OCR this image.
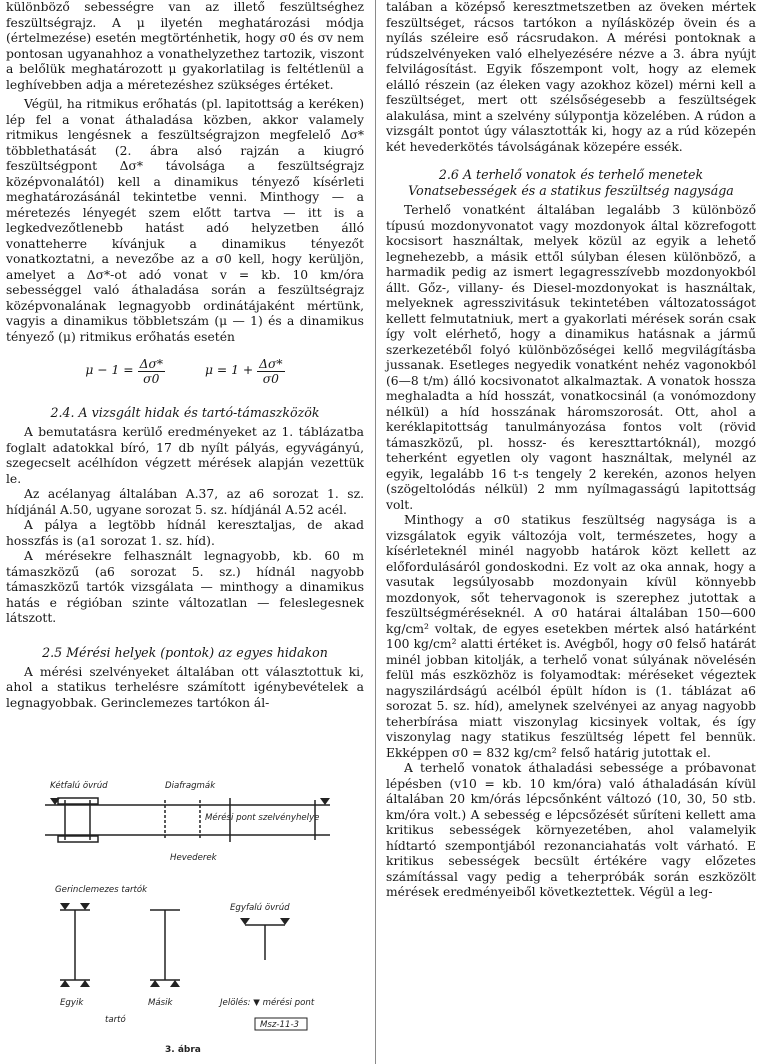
különböző sebességre van az illető feszültséghez feszültségrajz. A μ ilyetén meghatározási módja (értelmezése) esetén megtörténhetik, hogy σ0 és σv nem pontosan ugyanahhoz a vonathelyzethez tartozik, viszont a belőlük meghatározott μ gyakorlatilag is feltétlenül a leghívebben adja a méretezéshez szükséges értéket.

Végül, ha ritmikus erőhatás (pl. lapitottság a keréken) lép fel a vonat áthaladása közben, akkor valamely ritmikus lengésnek a feszültségrajzon megfelelő Δσ* többlethatását (2. ábra alsó rajzán a kiugró feszültségpont Δσ* távolsága a feszültségrajz középvonalától) kell a dinamikus tényező kísérleti meghatározásánál tekintetbe venni. Minthogy — a méretezés lényegét szem előtt tartva — itt is a legkedvezőtlenebb hatást adó helyzetben álló vonatteherre kívánjuk a dinamikus tényezőt vonatkoztatni, a nevezőbe az a σ0 kell, hogy kerüljön, amelyet a Δσ*-ot adó vonat v = kb. 10 km/óra sebességgel való áthaladása során a feszültségrajz középvonalának legnagyobb ordinátájaként mértünk, vagyis a dinamikus többletszám (μ — 1) és a dinamikus tényező (μ) ritmikus erőhatás esetén

$\mu - 1 = \frac{\Delta\sigma*}{\sigma 0}$	$\mu = 1 + \frac{\Delta\sigma*}{\sigma 0}$
2.4. A vizsgált hidak és tartó-támaszközök

A bemutatásra kerülő eredményeket az 1. táblázatba foglalt adatokkal bíró, 17 db nyílt pályás, egyvágányú, szegecselt acélhídon végzett mérések alapján vezettük le.

Az acélanyag általában A.37, az a6 sorozat 1. sz. hídjánál A.50, ugyane sorozat 5. sz. hídjánál A.52 acél.

A pálya a legtöbb hídnál keresztaljas, de akad hosszfás is (a1 sorozat 1. sz. híd).

A mérésekre felhasznált legnagyobb, kb. 60 m támaszközű (a6 sorozat 5. sz.) hídnál nagyobb támaszközű tartók vizsgálata — minthogy a dinamikus hatás e régióban szinte változatlan — feleslegesnek látszott.

2.5 Mérési helyek (pontok) az egyes hidakon

A mérési szelvényeket általában ott választottuk ki, ahol a statikus terhelésre számított igénybevételek a legnagyobbak. Gerinclemezes tartókon ál-

Kétfalú övrúd	Diafragmák
Mérési pont szelvényhelye
Hevederek
Gerinclemezes tartók
Egyfalú övrúd
Egyik	Másik
tartó
Jelölés: ▼ mérési pont
Msz-11-3
3. ábra

talában a középső keresztmetszetben az öveken mértek feszültséget, rácsos tartókon a nyílásközép övein és a nyílás széleire eső rácsrudakon. A mérési pontoknak a rúdszelvényeken való elhelyezésére nézve a 3. ábra nyújt felvilágosítást. Egyik főszempont volt, hogy az elemek elálló részein (az éleken vagy azokhoz közel) mérni kell a feszültséget, mert ott szélsőségesebb a feszültségek alakulása, mint a szelvény súlypontja közelében. A rúdon a vizsgált pontot úgy választották ki, hogy az a rúd közepén két hevederkötés távolságának közepére essék.

2.6 A terhelő vonatok és terhelő menetek
Vonatsebességek és a statikus feszültség nagysága

Terhelő vonatként általában legalább 3 különböző típusú mozdonyvonatot vagy mozdonyok által közrefogott kocsisort használtak, melyek közül az egyik a lehető legnehezebb, a másik ettől súlyban élesen különböző, a harmadik pedig az ismert legagresszívebb mozdonyokból állt. Gőz-, villany- és Diesel-mozdonyokat is használtak, melyeknek agresszivitásuk tekintetében változatosságot kellett felmutatniuk, mert a gyakorlati mérések során csak így volt elérhető, hogy a dinamikus hatásnak a jármű szerkezetéből folyó különbözőségei kellő megvilágításba jussanak. Esetleges negyedik vonatként nehéz vagonokból (6—8 t/m) álló kocsivonatot alkalmaztak. A vonatok hossza meghaladta a híd hosszát, vonatkocsinál (a vonómozdony nélkül) a híd hosszának háromszorosát. Ott, ahol a keréklapitottság tanulmányozása fontos volt (rövid támaszközű, pl. hossz- és kereszttartóknál), mozgó teherként egyetlen oly vagont használtak, melynél az egyik, legalább 16 t-s tengely 2 kerekén, azonos helyen (szögeltolódás nélkül) 2 mm nyílmagasságú lapitottság volt.

Minthogy a σ0 statikus feszültség nagysága is a vizsgálatok egyik változója volt, természetes, hogy a kísérleteknél minél nagyobb határok közt kellett az előfordulásáról gondoskodni. Ez volt az oka annak, hogy a vasutak legsúlyosabb mozdonyain kívül könnyebb mozdonyok, sőt tehervagonok is szerephez jutottak a feszültségméréseknél. A σ0 határai általában 150—600 kg/cm² voltak, de egyes esetekben mértek alsó határként 100 kg/cm² alatti értéket is. Avégből, hogy σ0 felső határát minél jobban kitolják, a terhelő vonat súlyának növelésén felül más eszközhöz is folyamodtak: méréseket végeztek nagyszilárdságú acélból épült hídon is (1. táblázat a6 sorozat 5. sz. híd), amelynek szelvényei az anyag nagyobb teherbírása miatt viszonylag kicsinyek voltak, és így viszonylag nagy statikus feszültség lépett fel bennük. Ekképpen σ0 = 832 kg/cm² felső határig jutottak el.

A terhelő vonatok áthaladási sebessége a próbavonat lépésben (v10 = kb. 10 km/óra) való áthaladásán kívül általában 20 km/órás lépcsőnként változó (10, 30, 50 stb. km/óra volt.) A sebesség e lépcsőzését sűríteni kellett ama kritikus sebességek környezetében, ahol valamelyik hídtartó szempontjából rezonanciahatás volt várható. E kritikus sebességek becsült értékére vagy előzetes számítással vagy pedig a teherpróbák során eszközölt mérések eredményeiből következtettek. Végül a leg-
